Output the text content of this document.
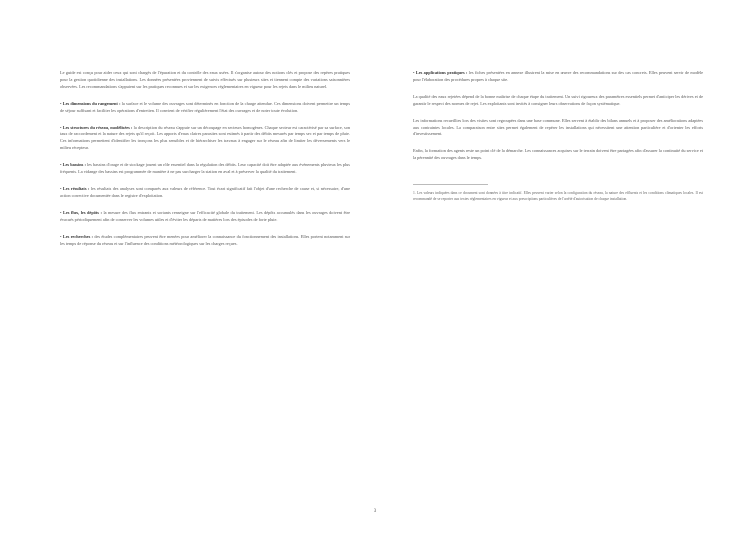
Le guide est conçu pour aider ceux qui sont chargés de l'épuration et du contrôle des eaux usées. Il s'organise autour des notions clés et propose des repères pratiques pour la gestion quotidienne des installations. Les données présentées proviennent de suivis effectués sur plusieurs sites et tiennent compte des variations saisonnières observées. Les recommandations s'appuient sur les pratiques reconnues et sur les exigences réglementaires en vigueur pour les rejets dans le milieu naturel.

• Les dimensions du rangement : la surface et le volume des ouvrages sont déterminés en fonction de la charge attendue. Ces dimensions doivent permettre un temps de séjour suffisant et faciliter les opérations d'entretien. Il convient de vérifier régulièrement l'état des ouvrages et de noter toute évolution.

• Les structures du réseau, modélisées : la description du réseau s'appuie sur un découpage en secteurs homogènes. Chaque secteur est caractérisé par sa surface, son taux de raccordement et la nature des rejets qu'il reçoit. Les apports d'eaux claires parasites sont estimés à partir des débits mesurés par temps sec et par temps de pluie. Ces informations permettent d'identifier les tronçons les plus sensibles et de hiérarchiser les travaux à engager sur le réseau afin de limiter les déversements vers le milieu récepteur.

• Les bassins : les bassins d'orage et de stockage jouent un rôle essentiel dans la régulation des débits. Leur capacité doit être adaptée aux événements pluvieux les plus fréquents. La vidange des bassins est programmée de manière à ne pas surcharger la station en aval et à préserver la qualité du traitement.

• Les résultats : les résultats des analyses sont comparés aux valeurs de référence. Tout écart significatif fait l'objet d'une recherche de cause et, si nécessaire, d'une action corrective documentée dans le registre d'exploitation.

• Les flux, les dépôts : la mesure des flux entrants et sortants renseigne sur l'efficacité globale du traitement. Les dépôts accumulés dans les ouvrages doivent être évacués périodiquement afin de conserver les volumes utiles et d'éviter les départs de matières lors des épisodes de forte pluie.

• Les recherches : des études complémentaires peuvent être menées pour améliorer la connaissance du fonctionnement des installations. Elles portent notamment sur les temps de réponse du réseau et sur l'influence des conditions météorologiques sur les charges reçues.

• Les applications pratiques : les fiches présentées en annexe illustrent la mise en œuvre des recommandations sur des cas concrets. Elles peuvent servir de modèle pour l'élaboration des procédures propres à chaque site.

La qualité des eaux rejetées dépend de la bonne maîtrise de chaque étape du traitement. Un suivi rigoureux des paramètres essentiels permet d'anticiper les dérives et de garantir le respect des normes de rejet. Les exploitants sont invités à consigner leurs observations de façon systématique.

Les informations recueillies lors des visites sont regroupées dans une base commune. Elles servent à établir des bilans annuels et à proposer des améliorations adaptées aux contraintes locales. La comparaison entre sites permet également de repérer les installations qui nécessitent une attention particulière et d'orienter les efforts d'investissement.

Enfin, la formation des agents reste un point clé de la démarche. Les connaissances acquises sur le terrain doivent être partagées afin d'assurer la continuité du service et la pérennité des ouvrages dans le temps.

1. Les valeurs indiquées dans ce document sont données à titre indicatif. Elles peuvent varier selon la configuration du réseau, la nature des effluents et les conditions climatiques locales. Il est recommandé de se reporter aux textes réglementaires en vigueur et aux prescriptions particulières de l'arrêté d'autorisation de chaque installation.

3
